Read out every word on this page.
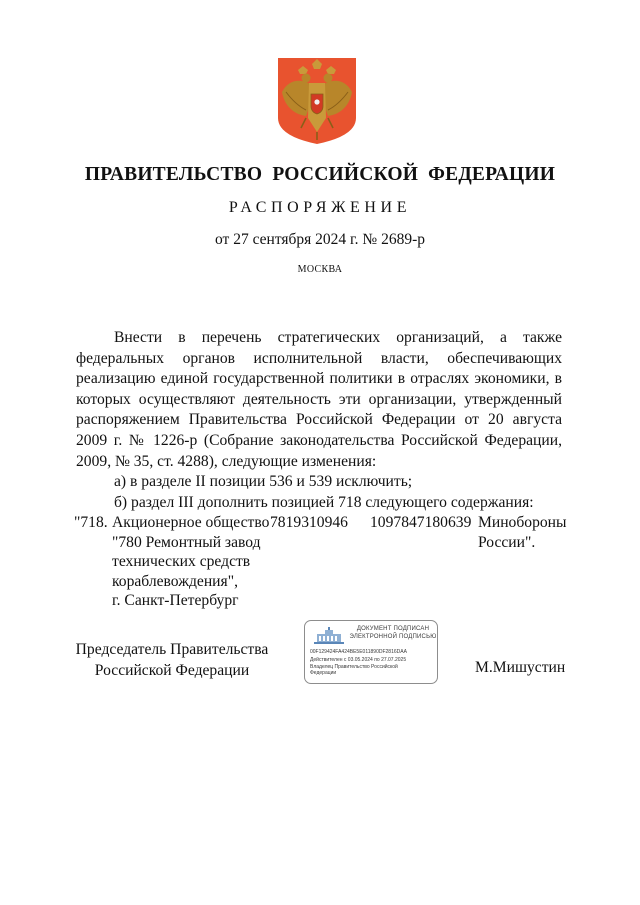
ПРАВИТЕЛЬСТВО РОССИЙСКОЙ ФЕДЕРАЦИИ
РАСПОРЯЖЕНИЕ
от 27 сентября 2024 г. № 2689-р
МОСКВА

Внести в перечень стратегических организаций, а также федеральных органов исполнительной власти, обеспечивающих реализацию единой государственной политики в отраслях экономики, в которых осуществляют деятельность эти организации, утвержденный распоряжением Правительства Российской Федерации от 20 августа 2009 г. № 1226-р (Собрание законодательства Российской Федерации, 2009, № 35, ст. 4288), следующие изменения:

а) в разделе II позиции 536 и 539 исключить;

б) раздел III дополнить позицией 718 следующего содержания:

"718. Акционерное общество
"780 Ремонтный завод
технических средств
кораблевождения",
г. Санкт-Петербург
7819310946 1097847180639 Минобороны
России".
Председатель Правительства
Российской Федерации
ДОКУМЕНТ ПОДПИСАН
ЭЛЕКТРОННОЙ ПОДПИСЬЮ
00F129424FA424BE5E011890DF2816DAA
Действителен с 03.05.2024 по 27.07.2025
Владелец Правительство Российской
Федерации	М.Мишустин
